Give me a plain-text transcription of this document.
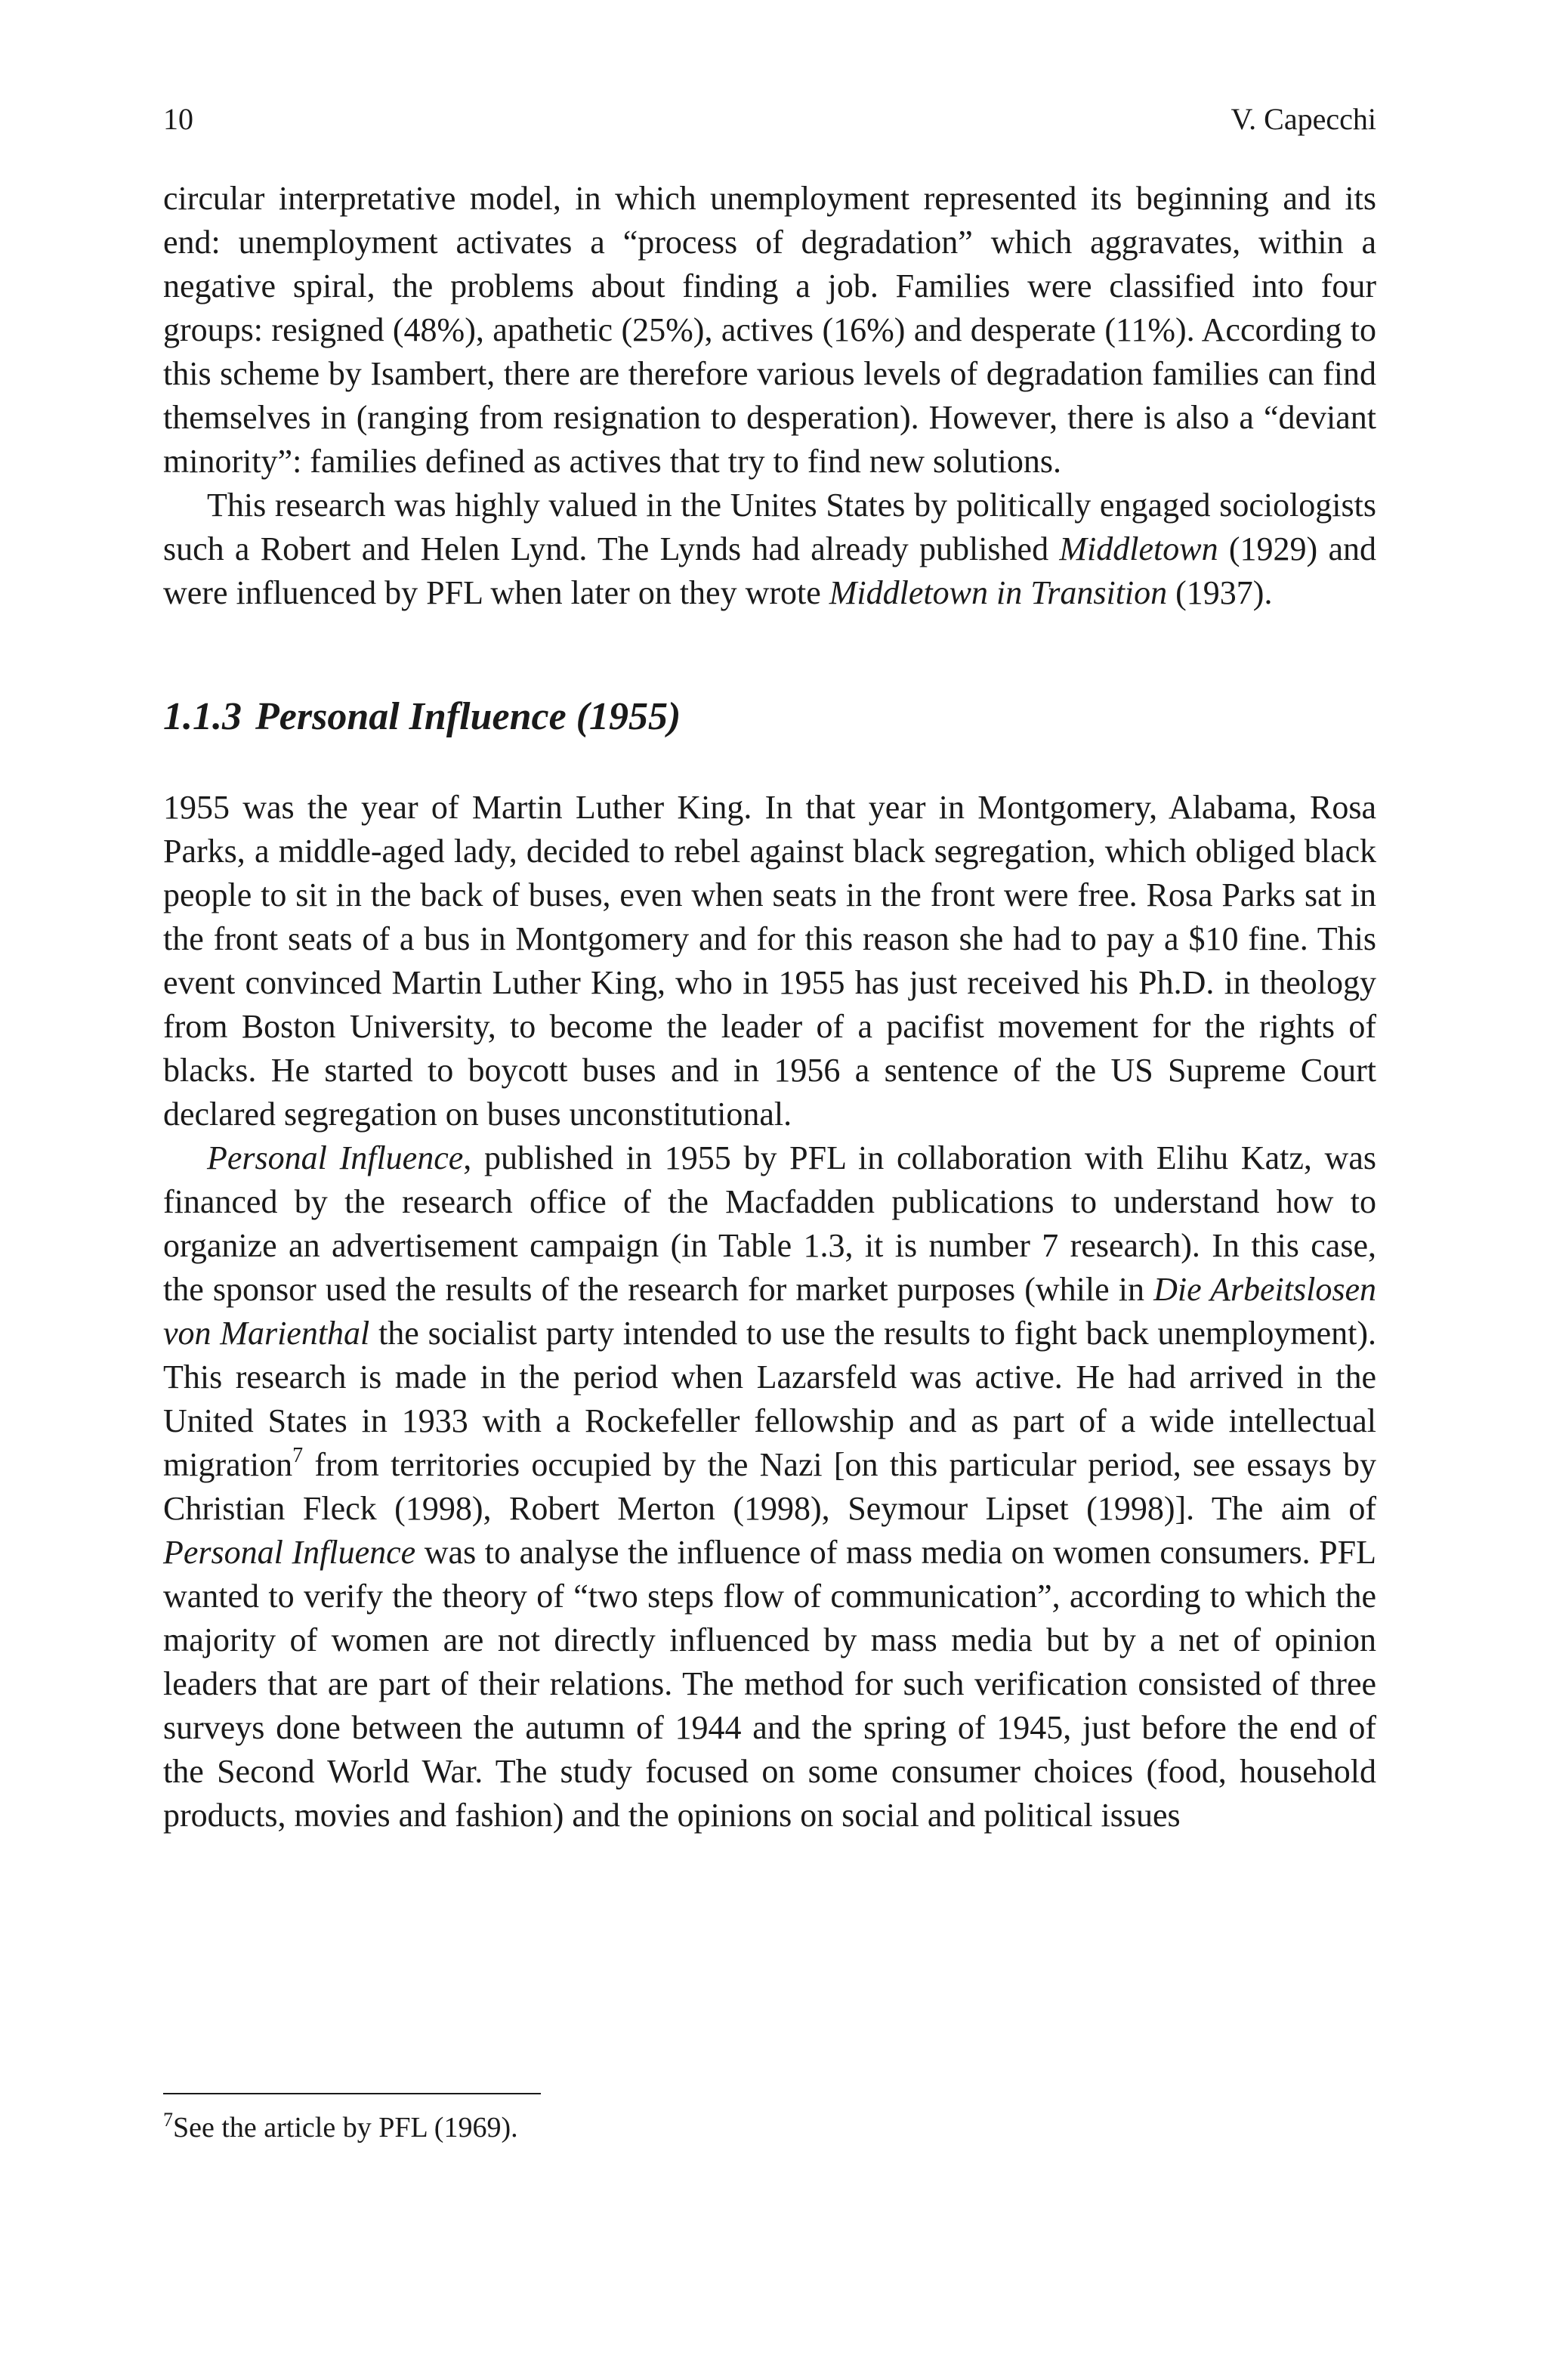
10	V. Capecchi

circular interpretative model, in which unemployment represented its beginning and its end: unemployment activates a “process of degradation” which aggravates, within a negative spiral, the problems about finding a job. Families were classified into four groups: resigned (48%), apathetic (25%), actives (16%) and desperate (11%). According to this scheme by Isambert, there are therefore various levels of degradation families can find themselves in (ranging from resignation to desperation). However, there is also a “deviant minority”: families defined as actives that try to find new solutions.

This research was highly valued in the Unites States by politically engaged sociologists such a Robert and Helen Lynd. The Lynds had already published Middletown (1929) and were influenced by PFL when later on they wrote Middletown in Transition (1937).

1.1.3 Personal Influence (1955)

1955 was the year of Martin Luther King. In that year in Montgomery, Alabama, Rosa Parks, a middle-aged lady, decided to rebel against black segregation, which obliged black people to sit in the back of buses, even when seats in the front were free. Rosa Parks sat in the front seats of a bus in Montgomery and for this reason she had to pay a $10 fine. This event convinced Martin Luther King, who in 1955 has just received his Ph.D. in theology from Boston University, to become the leader of a pacifist movement for the rights of blacks. He started to boycott buses and in 1956 a sentence of the US Supreme Court declared segregation on buses unconstitutional.

Personal Influence, published in 1955 by PFL in collaboration with Elihu Katz, was financed by the research office of the Macfadden publications to understand how to organize an advertisement campaign (in Table 1.3, it is number 7 research). In this case, the sponsor used the results of the research for market purposes (while in Die Arbeitslosen von Marienthal the socialist party intended to use the results to fight back unemployment). This research is made in the period when Lazarsfeld was active. He had arrived in the United States in 1933 with a Rockefeller fellowship and as part of a wide intellectual migration$^7$ from territories occupied by the Nazi [on this particular period, see essays by Christian Fleck (1998), Robert Merton (1998), Seymour Lipset (1998)]. The aim of Personal Influence was to analyse the influence of mass media on women consumers. PFL wanted to verify the theory of “two steps flow of communication”, according to which the majority of women are not directly influenced by mass media but by a net of opinion leaders that are part of their relations. The method for such verification consisted of three surveys done between the autumn of 1944 and the spring of 1945, just before the end of the Second World War. The study focused on some consumer choices (food, household products, movies and fashion) and the opinions on social and political issues

$^7$See the article by PFL (1969).
